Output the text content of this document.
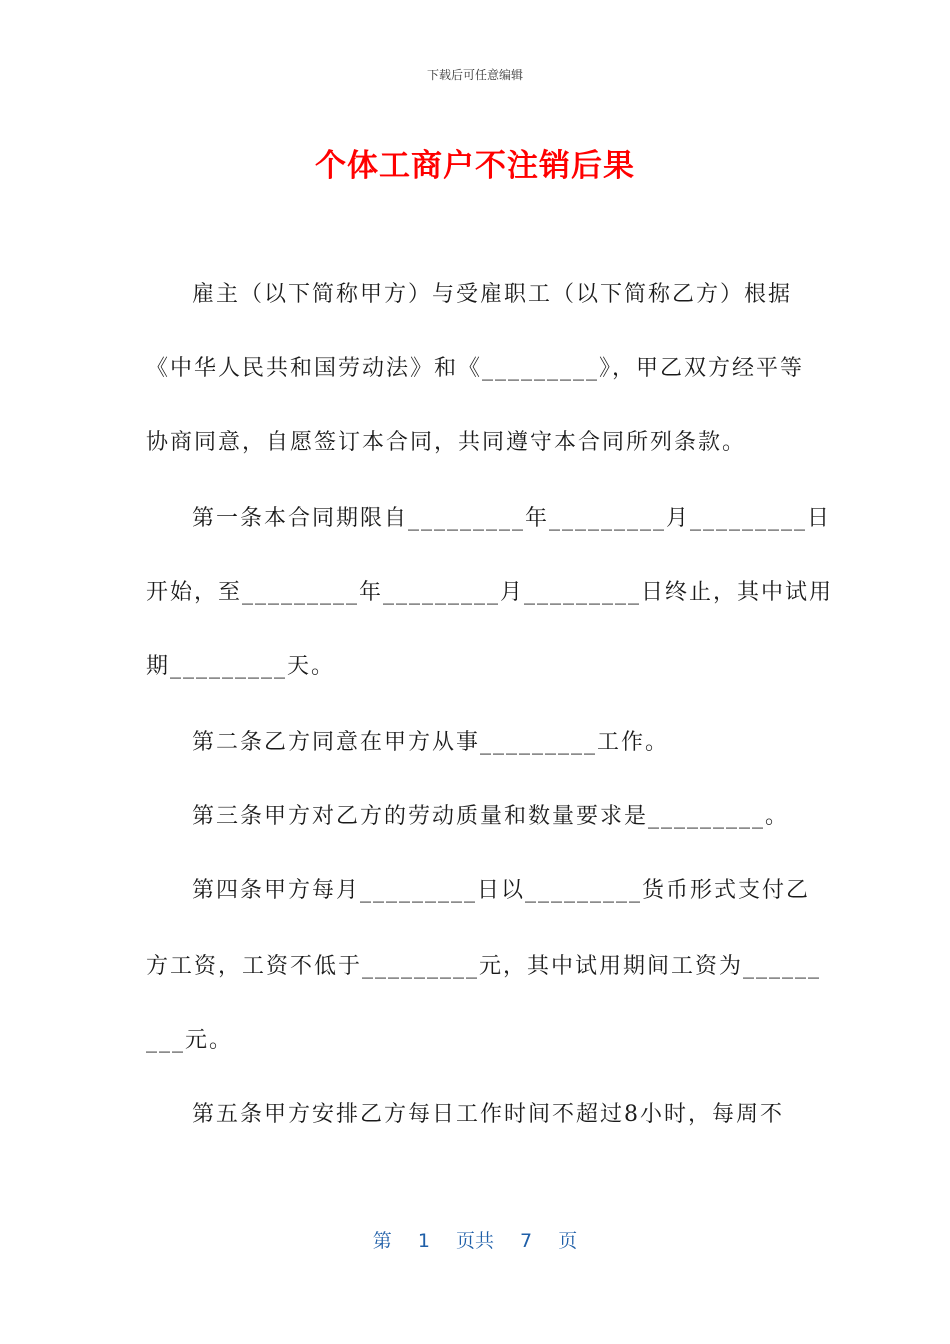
下载后可任意编辑
个体工商户不注销后果
雇主（以下简称甲方）与受雇职工（以下简称乙方）根据
《中华人民共和国劳动法》和《_________》，甲乙双方经平等
协商同意，自愿签订本合同，共同遵守本合同所列条款。
第一条本合同期限自_________年_________月_________日
开始，至_________年_________月_________日终止，其中试用
期_________天。
第二条乙方同意在甲方从事_________工作。
第三条甲方对乙方的劳动质量和数量要求是_________。
第四条甲方每月_________日以_________货币形式支付乙
方工资，工资不低于_________元，其中试用期间工资为______
___元。
第五条甲方安排乙方每日工作时间不超过8小时，每周不
第 1 页共 7 页
